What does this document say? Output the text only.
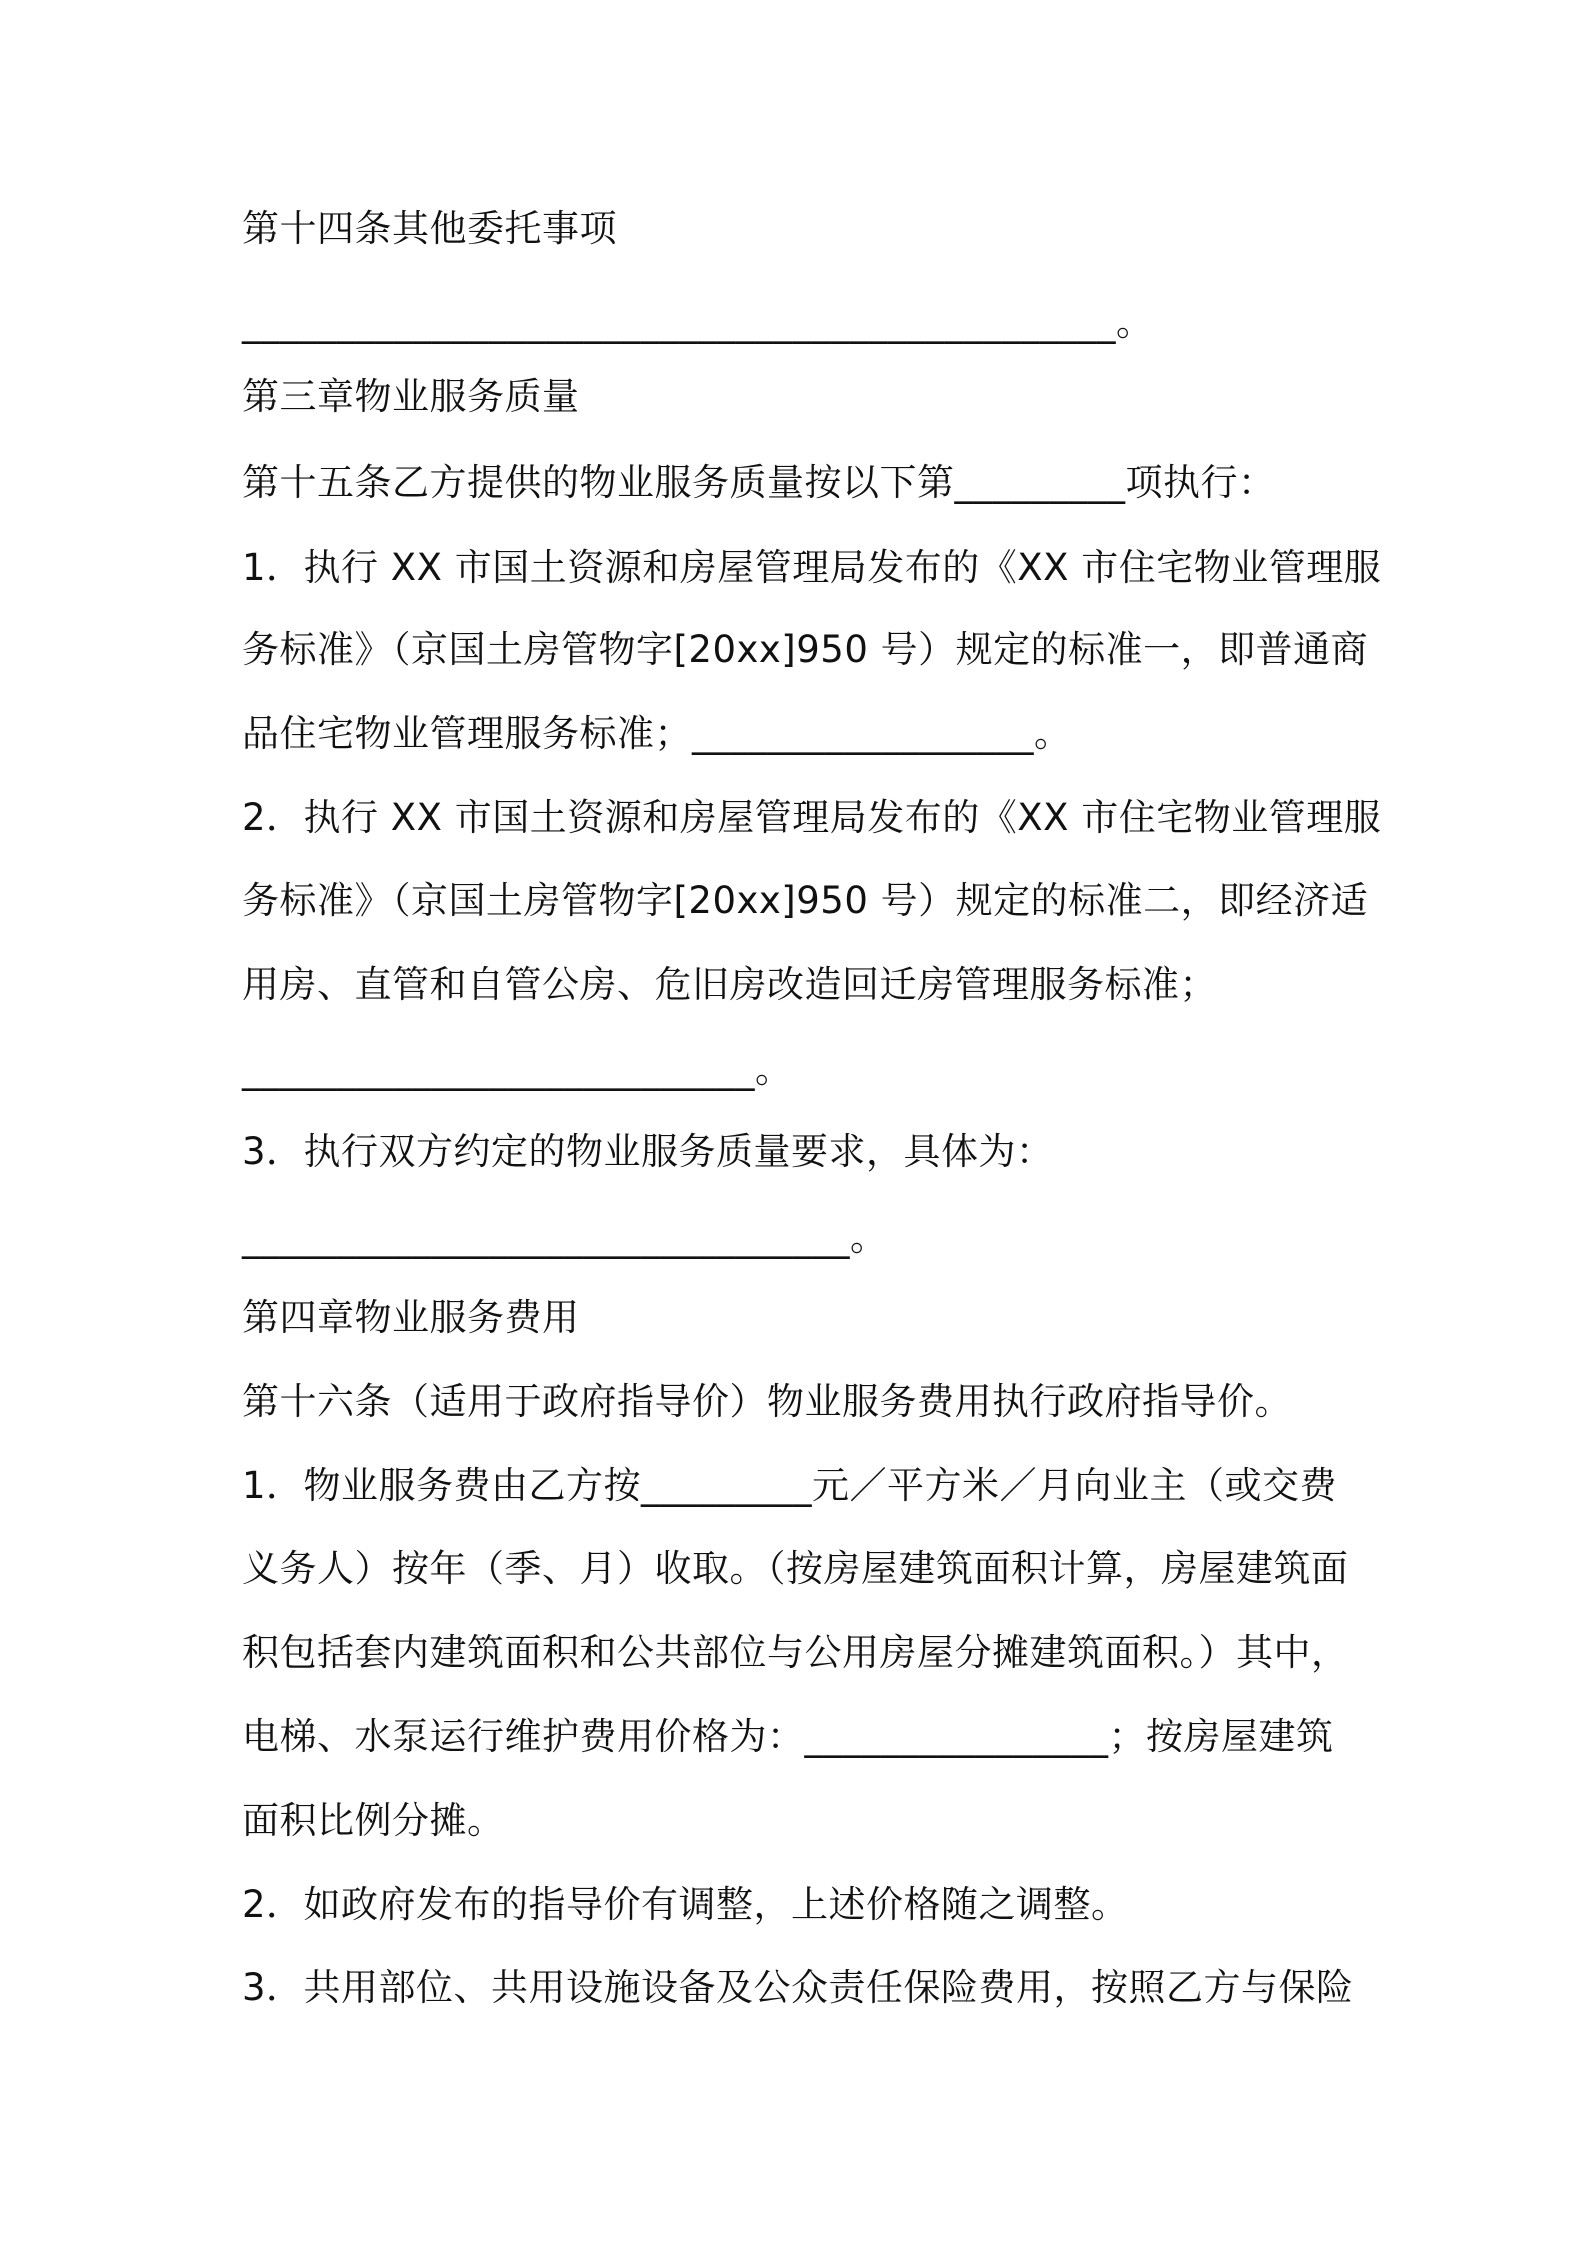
第十四条其他委托事项
______________________________________________。
第三章物业服务质量
第十五条乙方提供的物业服务质量按以下第_________项执行：
1．执行 XX 市国土资源和房屋管理局发布的《XX 市住宅物业管理服
务标准》（京国土房管物字[20xx]950 号）规定的标准一，即普通商
品住宅物业管理服务标准；__________________。
2．执行 XX 市国土资源和房屋管理局发布的《XX 市住宅物业管理服
务标准》（京国土房管物字[20xx]950 号）规定的标准二，即经济适
用房、直管和自管公房、危旧房改造回迁房管理服务标准；
___________________________。
3．执行双方约定的物业服务质量要求，具体为：
________________________________。
第四章物业服务费用
第十六条（适用于政府指导价）物业服务费用执行政府指导价。
1．物业服务费由乙方按_________元／平方米／月向业主（或交费
义务人）按年（季、月）收取。（按房屋建筑面积计算，房屋建筑面
积包括套内建筑面积和公共部位与公用房屋分摊建筑面积。）其中，
电梯、水泵运行维护费用价格为：________________；按房屋建筑
面积比例分摊。
2．如政府发布的指导价有调整，上述价格随之调整。
3．共用部位、共用设施设备及公众责任保险费用，按照乙方与保险
